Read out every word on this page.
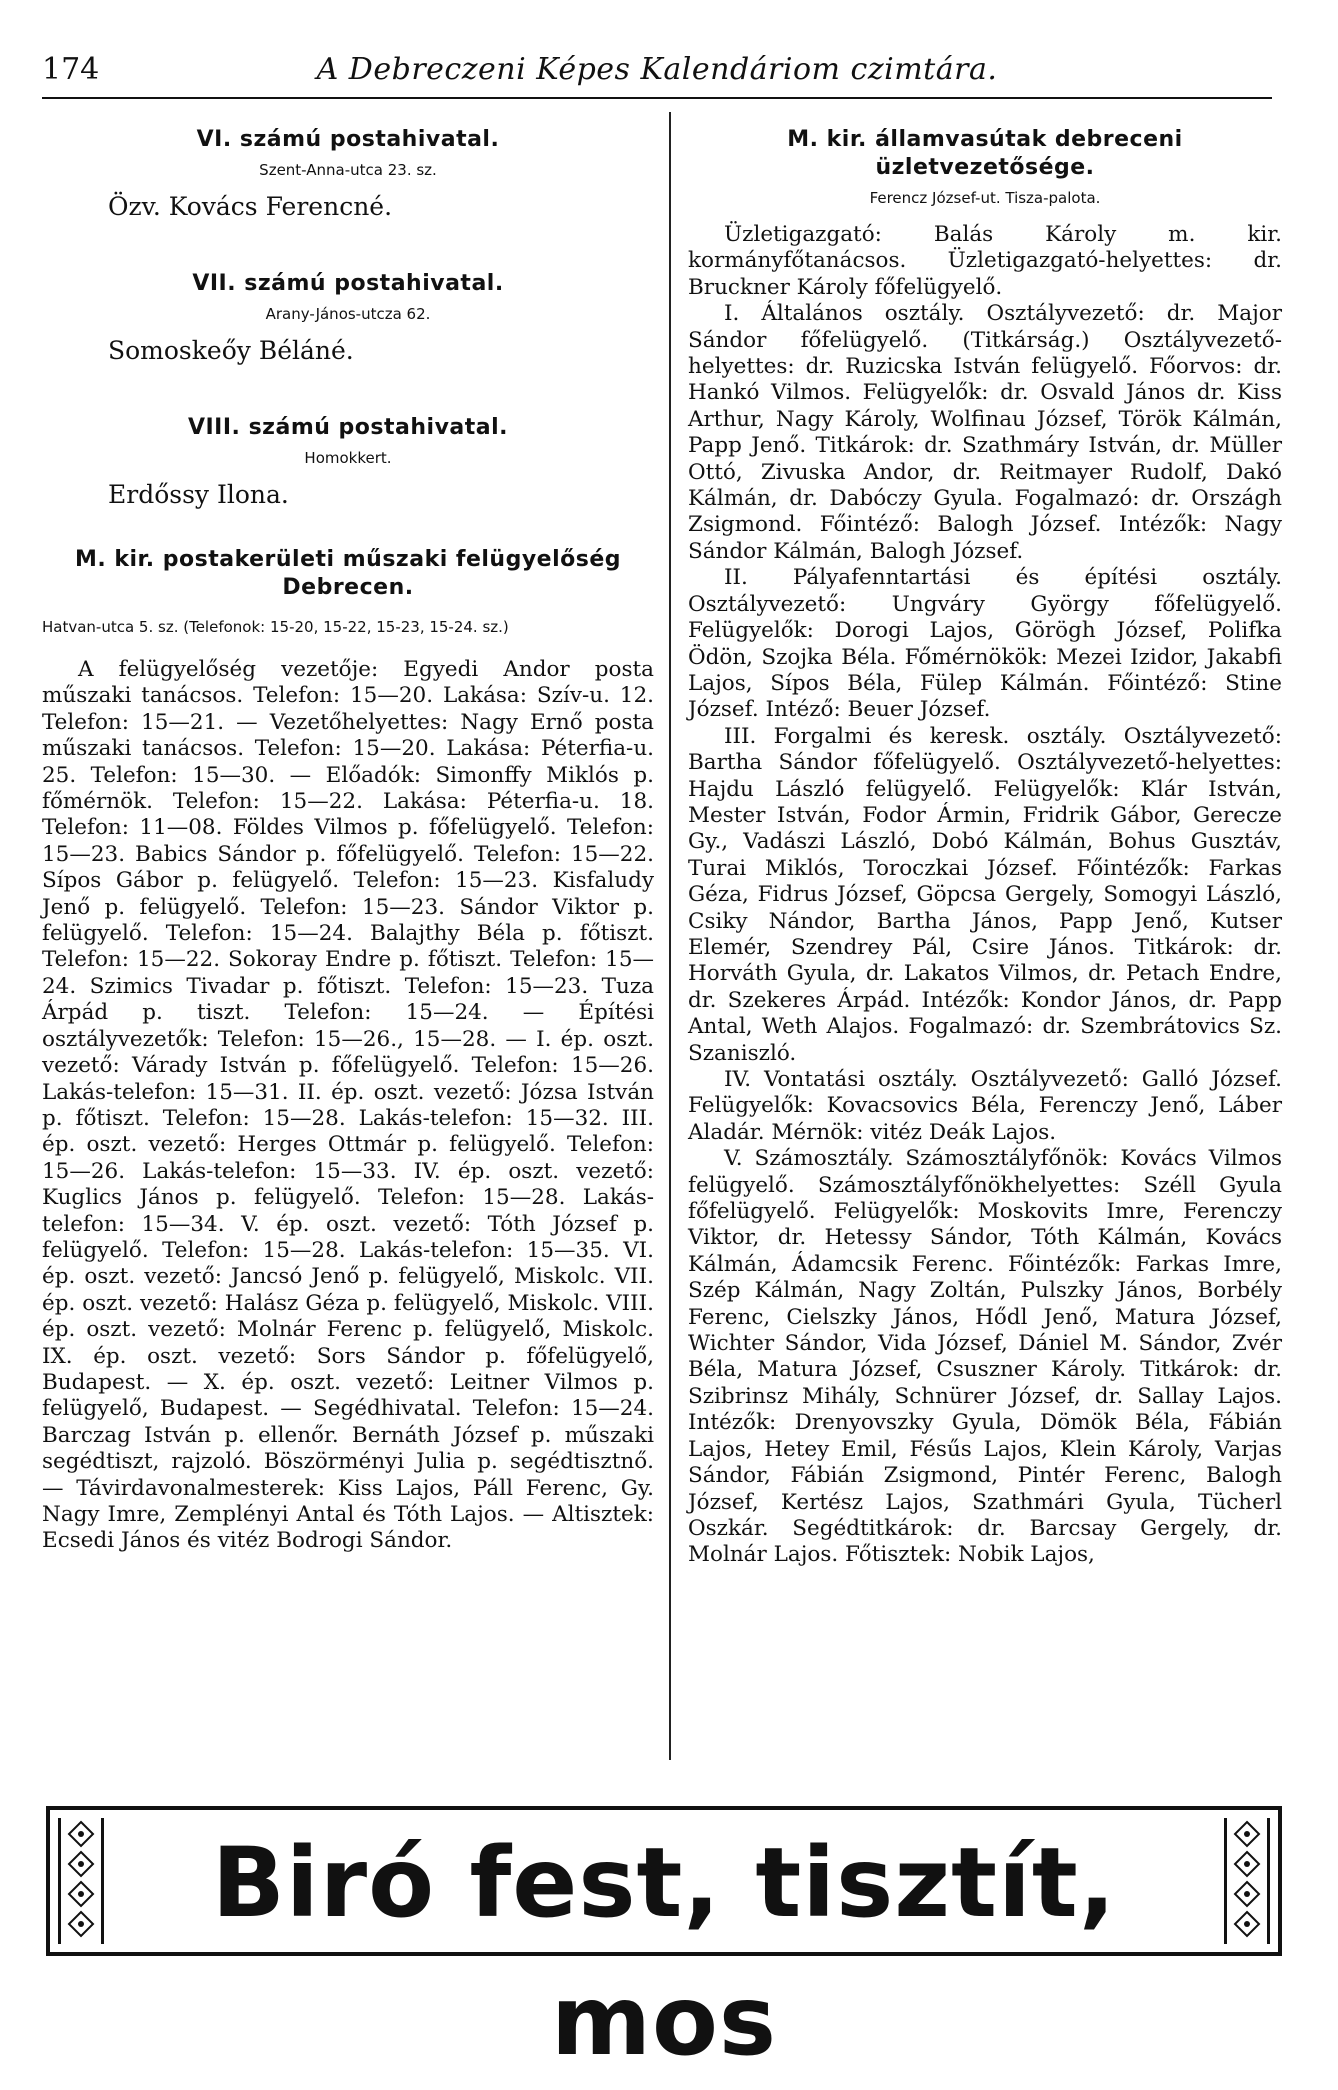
174	A Debreczeni Képes Kalendáriom czimtára.
VI. számú postahivatal.
Szent-Anna-utca 23. sz.
Özv. Kovács Ferencné.
VII. számú postahivatal.
Arany-János-utcza 62.
Somoskeőy Béláné.
VIII. számú postahivatal.
Homokkert.
Erdőssy Ilona.
M. kir. postakerületi műszaki felügyelőség Debrecen.
Hatvan-utca 5. sz. (Telefonok: 15-20, 15-22, 15-23, 15-24. sz.)
A felügyelőség vezetője: Egyedi Andor posta műszaki tanácsos. Telefon: 15—20. Lakása: Szív-u. 12. Telefon: 15—21. — Vezetőhelyettes: Nagy Ernő posta műszaki tanácsos. Telefon: 15—20. Lakása: Péterfia-u. 25. Telefon: 15—30. — Előadók: Simonffy Miklós p. főmérnök. Telefon: 15—22. Lakása: Péterfia-u. 18. Telefon: 11—08. Földes Vilmos p. főfelügyelő. Telefon: 15—23. Babics Sándor p. főfelügyelő. Telefon: 15—22. Sípos Gábor p. felügyelő. Telefon: 15—23. Kisfaludy Jenő p. felügyelő. Telefon: 15—23. Sándor Viktor p. felügyelő. Telefon: 15—24. Balajthy Béla p. főtiszt. Telefon: 15—22. Sokoray Endre p. főtiszt. Telefon: 15—24. Szimics Tivadar p. főtiszt. Telefon: 15—23. Tuza Árpád p. tiszt. Telefon: 15—24. — Építési osztályvezetők: Telefon: 15—26., 15—28. — I. ép. oszt. vezető: Várady István p. főfelügyelő. Telefon: 15—26. Lakás-telefon: 15—31. II. ép. oszt. vezető: Józsa István p. főtiszt. Telefon: 15—28. Lakás-telefon: 15—32. III. ép. oszt. vezető: Herges Ottmár p. felügyelő. Telefon: 15—26. Lakás-telefon: 15—33. IV. ép. oszt. vezető: Kuglics János p. felügyelő. Telefon: 15—28. Lakás-telefon: 15—34. V. ép. oszt. vezető: Tóth József p. felügyelő. Telefon: 15—28. Lakás-telefon: 15—35. VI. ép. oszt. vezető: Jancsó Jenő p. felügyelő, Miskolc. VII. ép. oszt. vezető: Halász Géza p. felügyelő, Miskolc. VIII. ép. oszt. vezető: Molnár Ferenc p. felügyelő, Miskolc. IX. ép. oszt. vezető: Sors Sándor p. főfelügyelő, Budapest. — X. ép. oszt. vezető: Leitner Vilmos p. felügyelő, Budapest. — Segédhivatal. Telefon: 15—24. Barczag István p. ellenőr. Bernáth József p. műszaki segédtiszt, rajzoló. Böszörményi Julia p. segédtisztnő. — Távirdavonalmesterek: Kiss Lajos, Páll Ferenc, Gy. Nagy Imre, Zemplényi Antal és Tóth Lajos. — Altisztek: Ecsedi János és vitéz Bodrogi Sándor.
M. kir. államvasútak debreceni üzletvezetősége.
Ferencz József-ut. Tisza-palota.

Üzletigazgató: Balás Károly m. kir. kormányfőtanácsos. Üzletigazgató-helyettes: dr. Bruckner Károly főfelügyelő.

I. Általános osztály. Osztályvezető: dr. Major Sándor főfelügyelő. (Titkárság.) Osztályvezető-helyettes: dr. Ruzicska István felügyelő. Főorvos: dr. Hankó Vilmos. Felügyelők: dr. Osvald János dr. Kiss Arthur, Nagy Károly, Wolfinau József, Török Kálmán, Papp Jenő. Titkárok: dr. Szathmáry István, dr. Müller Ottó, Zivuska Andor, dr. Reitmayer Rudolf, Dakó Kálmán, dr. Dabóczy Gyula. Fogalmazó: dr. Országh Zsigmond. Főintéző: Balogh József. Intézők: Nagy Sándor Kálmán, Balogh József.

II. Pályafenntartási és építési osztály. Osztályvezető: Ungváry György főfelügyelő. Felügyelők: Dorogi Lajos, Görögh József, Polifka Ödön, Szojka Béla. Főmérnökök: Mezei Izidor, Jakabfi Lajos, Sípos Béla, Fülep Kálmán. Főintéző: Stine József. Intéző: Beuer József.

III. Forgalmi és keresk. osztály. Osztályvezető: Bartha Sándor főfelügyelő. Osztályvezető-helyettes: Hajdu László felügyelő. Felügyelők: Klár István, Mester István, Fodor Ármin, Fridrik Gábor, Gerecze Gy., Vadászi László, Dobó Kálmán, Bohus Gusztáv, Turai Miklós, Toroczkai József. Főintézők: Farkas Géza, Fidrus József, Göpcsa Gergely, Somogyi László, Csiky Nándor, Bartha János, Papp Jenő, Kutser Elemér, Szendrey Pál, Csire János. Titkárok: dr. Horváth Gyula, dr. Lakatos Vilmos, dr. Petach Endre, dr. Szekeres Árpád. Intézők: Kondor János, dr. Papp Antal, Weth Alajos. Fogalmazó: dr. Szembrátovics Sz. Szaniszló.

IV. Vontatási osztály. Osztályvezető: Galló József. Felügyelők: Kovacsovics Béla, Ferenczy Jenő, Láber Aladár. Mérnök: vitéz Deák Lajos.

V. Számosztály. Számosztályfőnök: Kovács Vilmos felügyelő. Számosztályfőnökhelyettes: Széll Gyula főfelügyelő. Felügyelők: Moskovits Imre, Ferenczy Viktor, dr. Hetessy Sándor, Tóth Kálmán, Kovács Kálmán, Ádamcsik Ferenc. Főintézők: Farkas Imre, Szép Kálmán, Nagy Zoltán, Pulszky János, Borbély Ferenc, Cielszky János, Hődl Jenő, Matura József, Wichter Sándor, Vida József, Dániel M. Sándor, Zvér Béla, Matura József, Csuszner Károly. Titkárok: dr. Szibrinsz Mihály, Schnürer József, dr. Sallay Lajos. Intézők: Drenyovszky Gyula, Dömök Béla, Fábián Lajos, Hetey Emil, Fésűs Lajos, Klein Károly, Varjas Sándor, Fábián Zsigmond, Pintér Ferenc, Balogh József, Kertész Lajos, Szathmári Gyula, Tücherl Oszkár. Segédtitkárok: dr. Barcsay Gergely, dr. Molnár Lajos. Főtisztek: Nobik Lajos,

Biró fest, tisztít, mos
